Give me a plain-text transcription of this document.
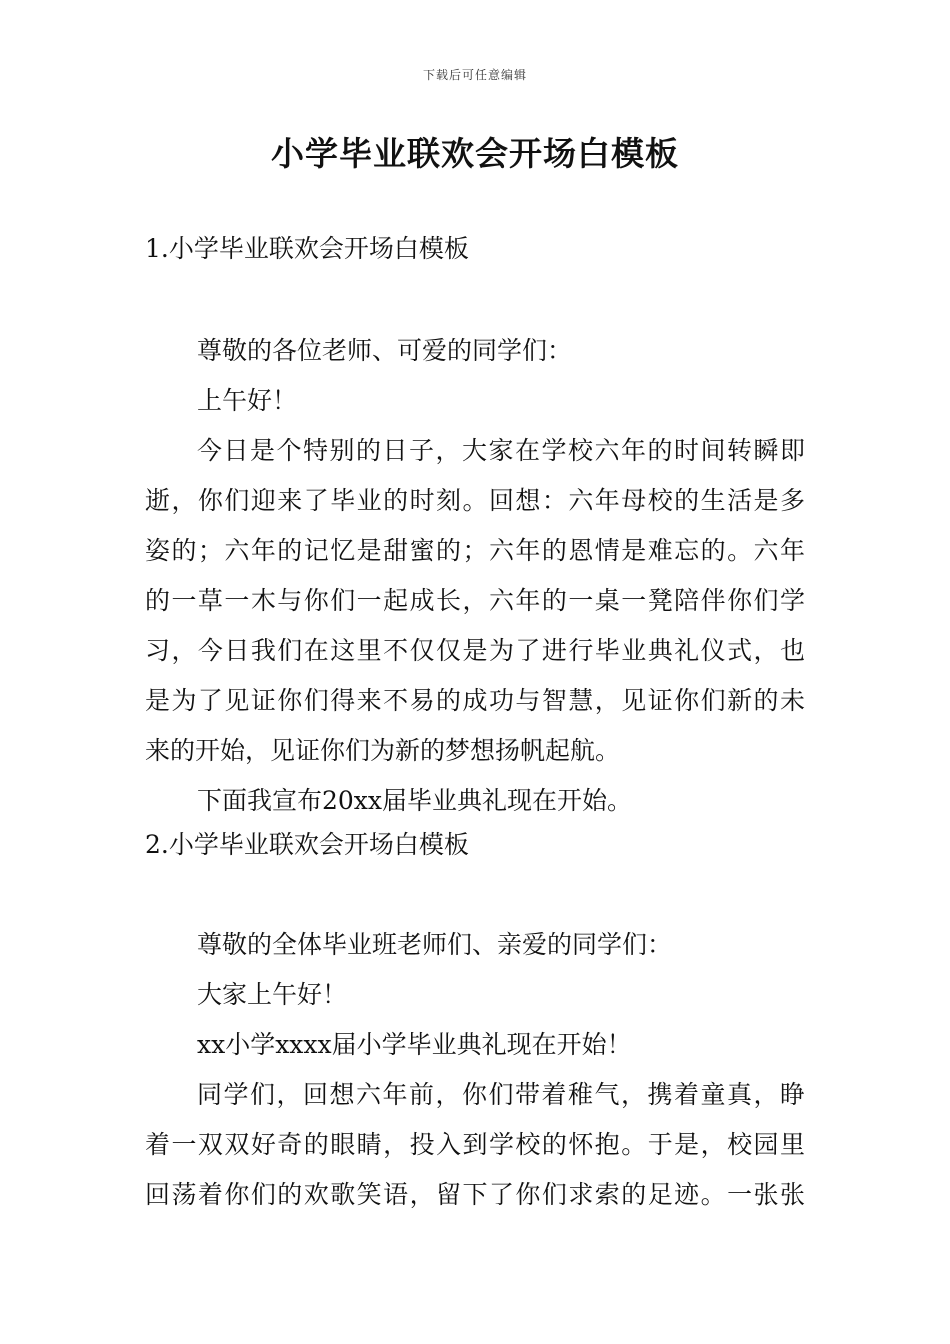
下载后可任意编辑
小学毕业联欢会开场白模板
1.小学毕业联欢会开场白模板
尊敬的各位老师、可爱的同学们：
上午好！
今日是个特别的日子，大家在学校六年的时间转瞬即
逝，你们迎来了毕业的时刻。回想：六年母校的生活是多
姿的；六年的记忆是甜蜜的；六年的恩情是难忘的。六年
的一草一木与你们一起成长，六年的一桌一凳陪伴你们学
习，今日我们在这里不仅仅是为了进行毕业典礼仪式，也
是为了见证你们得来不易的成功与智慧，见证你们新的未
来的开始，见证你们为新的梦想扬帆起航。
下面我宣布20xx届毕业典礼现在开始。
2.小学毕业联欢会开场白模板
尊敬的全体毕业班老师们、亲爱的同学们：
大家上午好！
xx小学xxxx届小学毕业典礼现在开始！
同学们，回想六年前，你们带着稚气，携着童真，睁
着一双双好奇的眼睛，投入到学校的怀抱。于是，校园里
回荡着你们的欢歌笑语，留下了你们求索的足迹。一张张
